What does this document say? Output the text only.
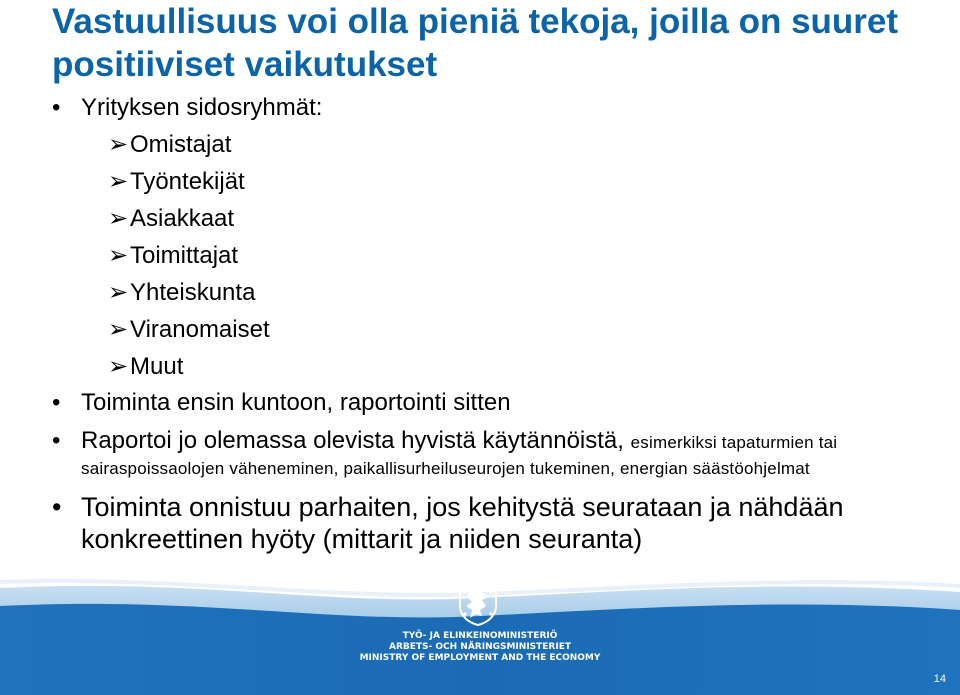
Vastuullisuus voi olla pieniä tekoja, joilla on suuret positiiviset vaikutukset
• Yrityksen sidosryhmät:
➢ Omistajat
➢ Työntekijät
➢ Asiakkaat
➢ Toimittajat
➢ Yhteiskunta
➢ Viranomaiset
➢ Muut
• Toiminta ensin kuntoon, raportointi sitten
• Raportoi jo olemassa olevista hyvistä käytännöistä, esimerkiksi tapaturmien tai sairaspoissaolojen väheneminen, paikallisurheiluseurojen tukeminen, energian säästöohjelmat
• Toiminta onnistuu parhaiten, jos kehitystä seurataan ja nähdään konkreettinen hyöty (mittarit ja niiden seuranta)
TYÖ- JA ELINKEINOMINISTERIÖ
ARBETS- OCH NÄRINGSMINISTERIET
MINISTRY OF EMPLOYMENT AND THE ECONOMY
14
